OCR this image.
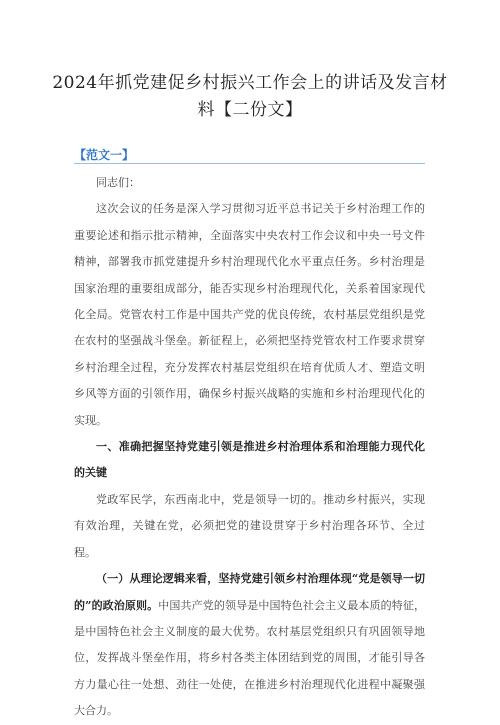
2024年抓党建促乡村振兴工作会上的讲话及发言材
料【二份文】
【范文一】

同志们：

这次会议的任务是深入学习贯彻习近平总书记关于乡村治理工作的重要论述和指示批示精神，全面落实中央农村工作会议和中央一号文件精神，部署我市抓党建提升乡村治理现代化水平重点任务。乡村治理是国家治理的重要组成部分，能否实现乡村治理现代化，关系着国家现代化全局。党管农村工作是中国共产党的优良传统，农村基层党组织是党在农村的坚强战斗堡垒。新征程上，必须把坚持党管农村工作要求贯穿乡村治理全过程，充分发挥农村基层党组织在培育优质人才、塑造文明乡风等方面的引领作用，确保乡村振兴战略的实施和乡村治理现代化的实现。

一、准确把握坚持党建引领是推进乡村治理体系和治理能力现代化的关键

党政军民学，东西南北中，党是领导一切的。推动乡村振兴，实现有效治理，关键在党，必须把党的建设贯穿于乡村治理各环节、全过程。

（一）从理论逻辑来看，坚持党建引领乡村治理体现“党是领导一切的”的政治原则。中国共产党的领导是中国特色社会主义最本质的特征，是中国特色社会主义制度的最大优势。农村基层党组织只有巩固领导地位，发挥战斗堡垒作用，将乡村各类主体团结到党的周围，才能引导各方力量心往一处想、劲往一处使，在推进乡村治理现代化进程中凝聚强大合力。
